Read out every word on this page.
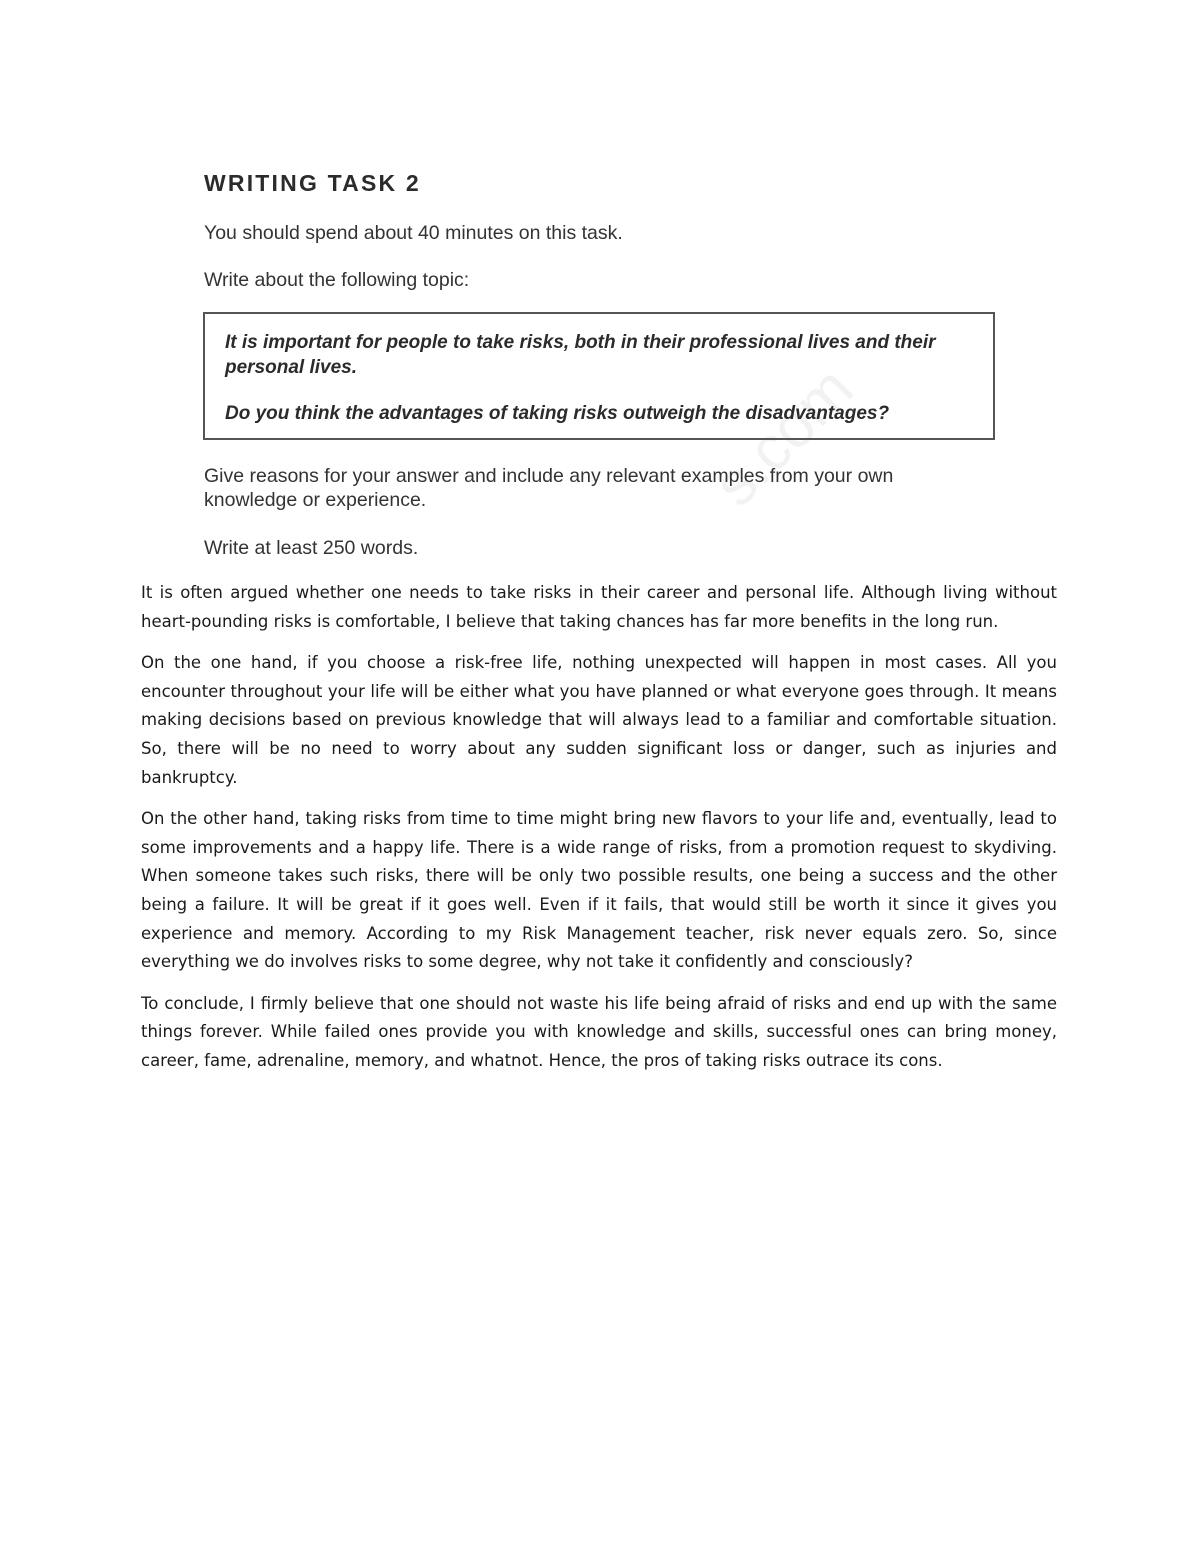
s.com
WRITING TASK 2

You should spend about 40 minutes on this task.

Write about the following topic:

It is important for people to take risks, both in their professional lives and their personal lives.

Do you think the advantages of taking risks outweigh the disadvantages?

Give reasons for your answer and include any relevant examples from your own knowledge or experience.

Write at least 250 words.

It is often argued whether one needs to take risks in their career and personal life. Although living without heart-pounding risks is comfortable, I believe that taking chances has far more benefits in the long run.

On the one hand, if you choose a risk-free life, nothing unexpected will happen in most cases. All you encounter throughout your life will be either what you have planned or what everyone goes through. It means making decisions based on previous knowledge that will always lead to a familiar and comfortable situation. So, there will be no need to worry about any sudden significant loss or danger, such as injuries and bankruptcy.

On the other hand, taking risks from time to time might bring new flavors to your life and, eventually, lead to some improvements and a happy life. There is a wide range of risks, from a promotion request to skydiving. When someone takes such risks, there will be only two possible results, one being a success and the other being a failure. It will be great if it goes well. Even if it fails, that would still be worth it since it gives you experience and memory. According to my Risk Management teacher, risk never equals zero. So, since everything we do involves risks to some degree, why not take it confidently and consciously?

To conclude, I firmly believe that one should not waste his life being afraid of risks and end up with the same things forever. While failed ones provide you with knowledge and skills, successful ones can bring money, career, fame, adrenaline, memory, and whatnot. Hence, the pros of taking risks outrace its cons.
